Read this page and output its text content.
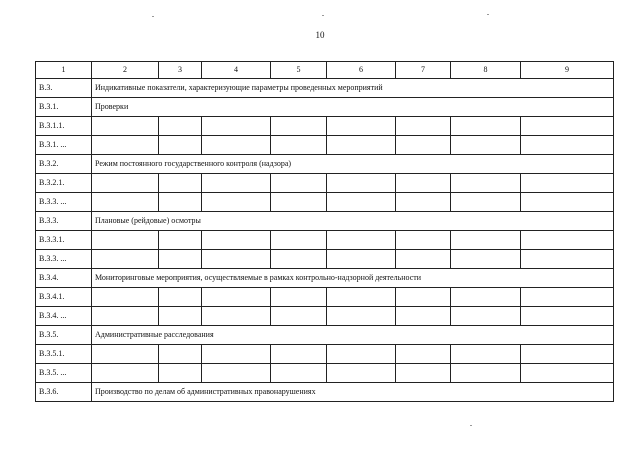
10
1	2	3	4	5	6	7	8	9
В.3.	Индикативные показатели, характеризующие параметры проведенных мероприятий							
В.3.1.	Проверки							
В.3.1.1.								
В.3.1. ...								
В.3.2.	Режим постоянного государственного контроля (надзора)							
В.3.2.1.								
В.3.3. ...								
В.3.3.	Плановые (рейдовые) осмотры							
В.3.3.1.								
В.3.3. ...								
В.3.4.	Мониторинговые мероприятия, осуществляемые в рамках контрольно-надзорной деятельности							
В.3.4.1.								
В.3.4. ...								
В.3.5.	Административные расследования							
В.3.5.1.								
В.3.5. ...								
В.3.6.	Производство по делам об административных правонарушениях							
